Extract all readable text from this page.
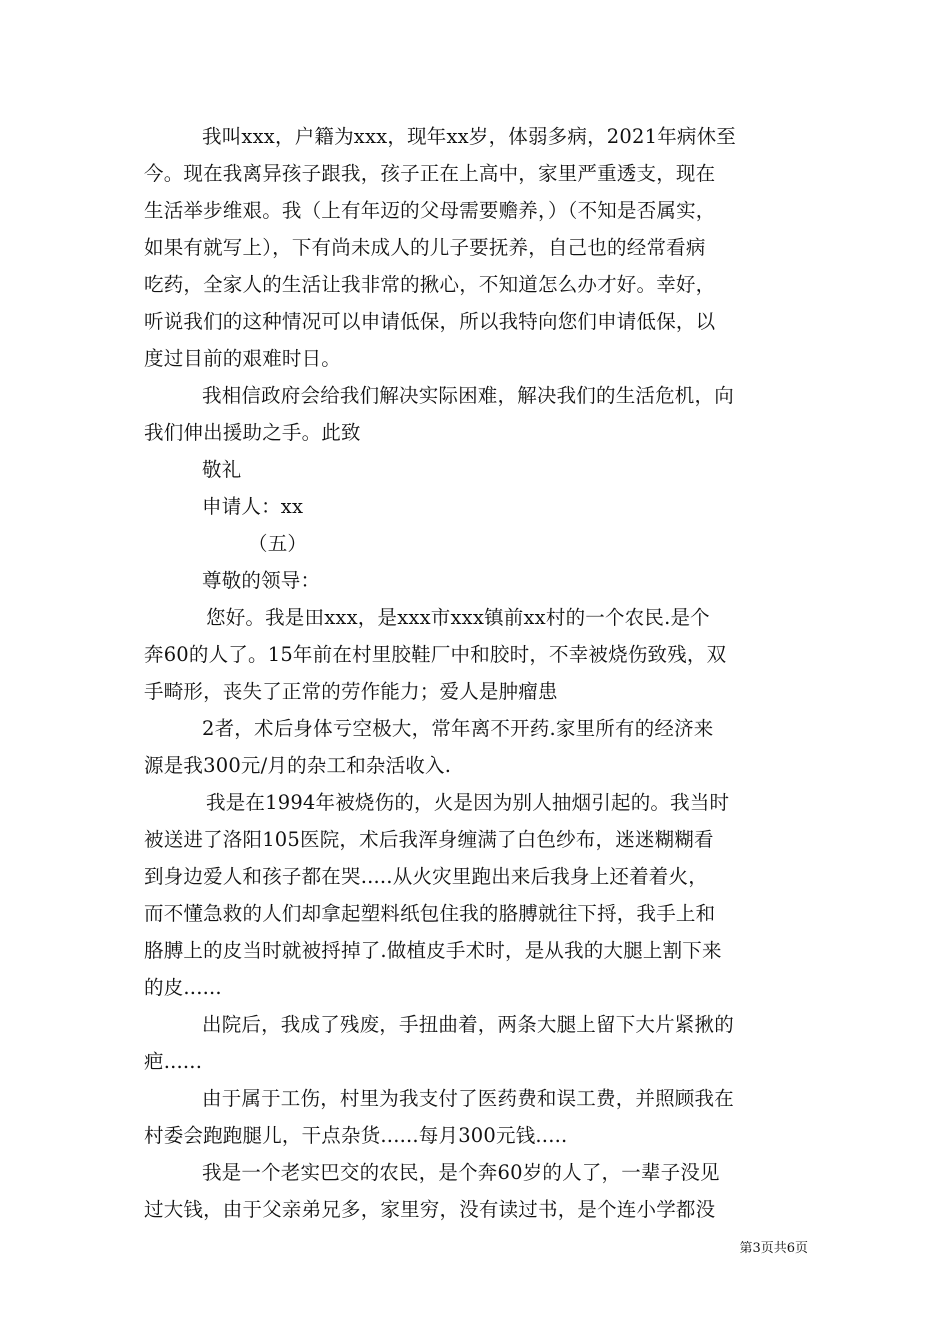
我叫xxx，户籍为xxx，现年xx岁，体弱多病，2021年病休至
今。现在我离异孩子跟我，孩子正在上高中，家里严重透支，现在
生活举步维艰。我（上有年迈的父母需要赡养，）（不知是否属实，
如果有就写上），下有尚未成人的儿子要抚养，自己也的经常看病
吃药，全家人的生活让我非常的揪心，不知道怎么办才好。幸好，
听说我们的这种情况可以申请低保，所以我特向您们申请低保，以
度过目前的艰难时日。
我相信政府会给我们解决实际困难，解决我们的生活危机，向
我们伸出援助之手。此致
敬礼
申请人：xx
（五）
尊敬的领导：
您好。我是田xxx，是xxx市xxx镇前xx村的一个农民.是个
奔60的人了。15年前在村里胶鞋厂中和胶时，不幸被烧伤致残，双
手畸形，丧失了正常的劳作能力；爱人是肿瘤患
2者，术后身体亏空极大，常年离不开药.家里所有的经济来
源是我300元/月的杂工和杂活收入.
我是在1994年被烧伤的，火是因为别人抽烟引起的。我当时
被送进了洛阳105医院，术后我浑身缠满了白色纱布，迷迷糊糊看
到身边爱人和孩子都在哭.....从火灾里跑出来后我身上还着着火，
而不懂急救的人们却拿起塑料纸包住我的胳膊就往下捋，我手上和
胳膊上的皮当时就被捋掉了.做植皮手术时，是从我的大腿上割下来
的皮......
出院后，我成了残废，手扭曲着，两条大腿上留下大片紧揪的
疤......
由于属于工伤，村里为我支付了医药费和误工费，并照顾我在
村委会跑跑腿儿，干点杂货......每月300元钱.....
我是一个老实巴交的农民，是个奔60岁的人了，一辈子没见
过大钱，由于父亲弟兄多，家里穷，没有读过书，是个连小学都没
第3页共6页
